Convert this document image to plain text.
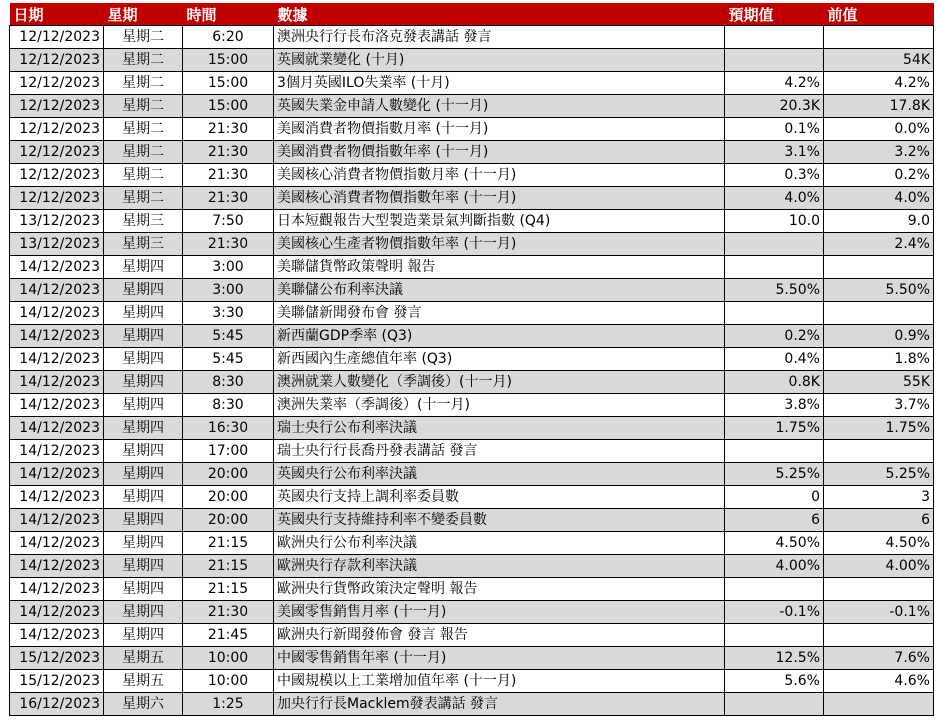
日期	星期	時間	數據	預期值	前值
12/12/2023	星期二	6:20	澳洲央行行長布洛克發表講話 發言		
12/12/2023	星期二	15:00	英國就業變化 (十月)		54K
12/12/2023	星期二	15:00	3個月英國ILO失業率 (十月)	4.2%	4.2%
12/12/2023	星期二	15:00	英國失業金申請人數變化 (十一月)	20.3K	17.8K
12/12/2023	星期二	21:30	美國消費者物價指數月率 (十一月)	0.1%	0.0%
12/12/2023	星期二	21:30	美國消費者物價指數年率 (十一月)	3.1%	3.2%
12/12/2023	星期二	21:30	美國核心消費者物價指數月率 (十一月)	0.3%	0.2%
12/12/2023	星期二	21:30	美國核心消費者物價指數年率 (十一月)	4.0%	4.0%
13/12/2023	星期三	7:50	日本短觀報告大型製造業景氣判斷指數 (Q4)	10.0	9.0
13/12/2023	星期三	21:30	美國核心生產者物價指數年率 (十一月)		2.4%
14/12/2023	星期四	3:00	美聯儲貨幣政策聲明 報告		
14/12/2023	星期四	3:00	美聯儲公布利率決議	5.50%	5.50%
14/12/2023	星期四	3:30	美聯儲新聞發布會 發言		
14/12/2023	星期四	5:45	新西蘭GDP季率 (Q3)	0.2%	0.9%
14/12/2023	星期四	5:45	新西國內生產總值年率 (Q3)	0.4%	1.8%
14/12/2023	星期四	8:30	澳洲就業人數變化（季調後）(十一月)	0.8K	55K
14/12/2023	星期四	8:30	澳洲失業率（季調後）(十一月)	3.8%	3.7%
14/12/2023	星期四	16:30	瑞士央行公布利率決議	1.75%	1.75%
14/12/2023	星期四	17:00	瑞士央行行長喬丹發表講話 發言		
14/12/2023	星期四	20:00	英國央行公布利率決議	5.25%	5.25%
14/12/2023	星期四	20:00	英國央行支持上調利率委員數	0	3
14/12/2023	星期四	20:00	英國央行支持維持利率不變委員數	6	6
14/12/2023	星期四	21:15	歐洲央行公布利率決議	4.50%	4.50%
14/12/2023	星期四	21:15	歐洲央行存款利率決議	4.00%	4.00%
14/12/2023	星期四	21:15	歐洲央行貨幣政策決定聲明 報告		
14/12/2023	星期四	21:30	美國零售銷售月率 (十一月)	-0.1%	-0.1%
14/12/2023	星期四	21:45	歐洲央行新聞發佈會 發言 報告		
15/12/2023	星期五	10:00	中國零售銷售年率 (十一月)	12.5%	7.6%
15/12/2023	星期五	10:00	中國規模以上工業增加值年率 (十一月)	5.6%	4.6%
16/12/2023	星期六	1:25	加央行行長Macklem發表講話 發言		
